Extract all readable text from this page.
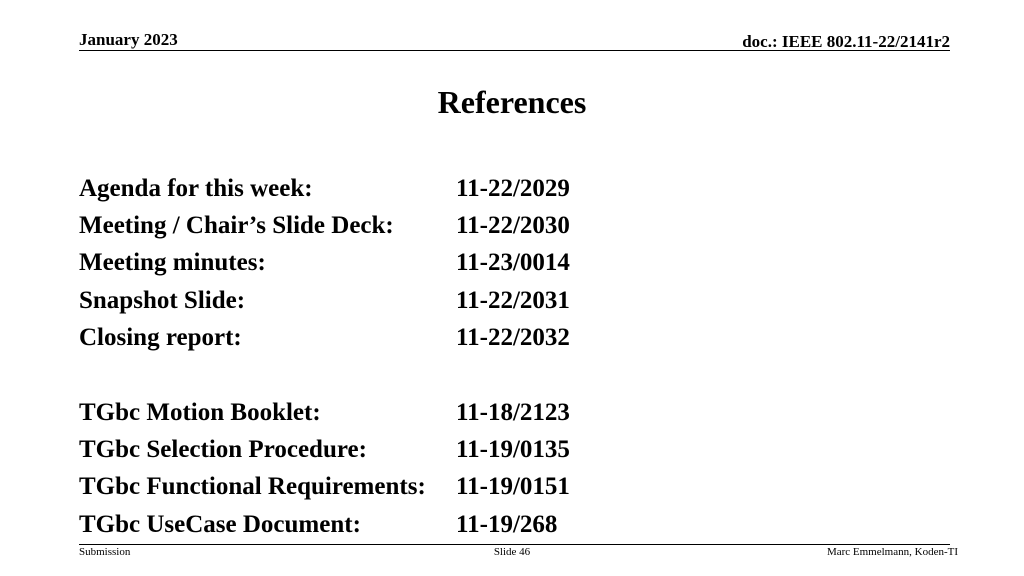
January 2023	doc.: IEEE 802.11-22/2141r2
References
Agenda for this week:	11-22/2029
Meeting / Chair’s Slide Deck:	11-22/2030
Meeting minutes:	11-23/0014
Snapshot Slide:	11-22/2031
Closing report:	11-22/2032
TGbc Motion Booklet:	11-18/2123
TGbc Selection Procedure:	11-19/0135
TGbc Functional Requirements:	11-19/0151
TGbc UseCase Document:	11-19/268
Submission	Slide 46	Marc Emmelmann, Koden-TI
